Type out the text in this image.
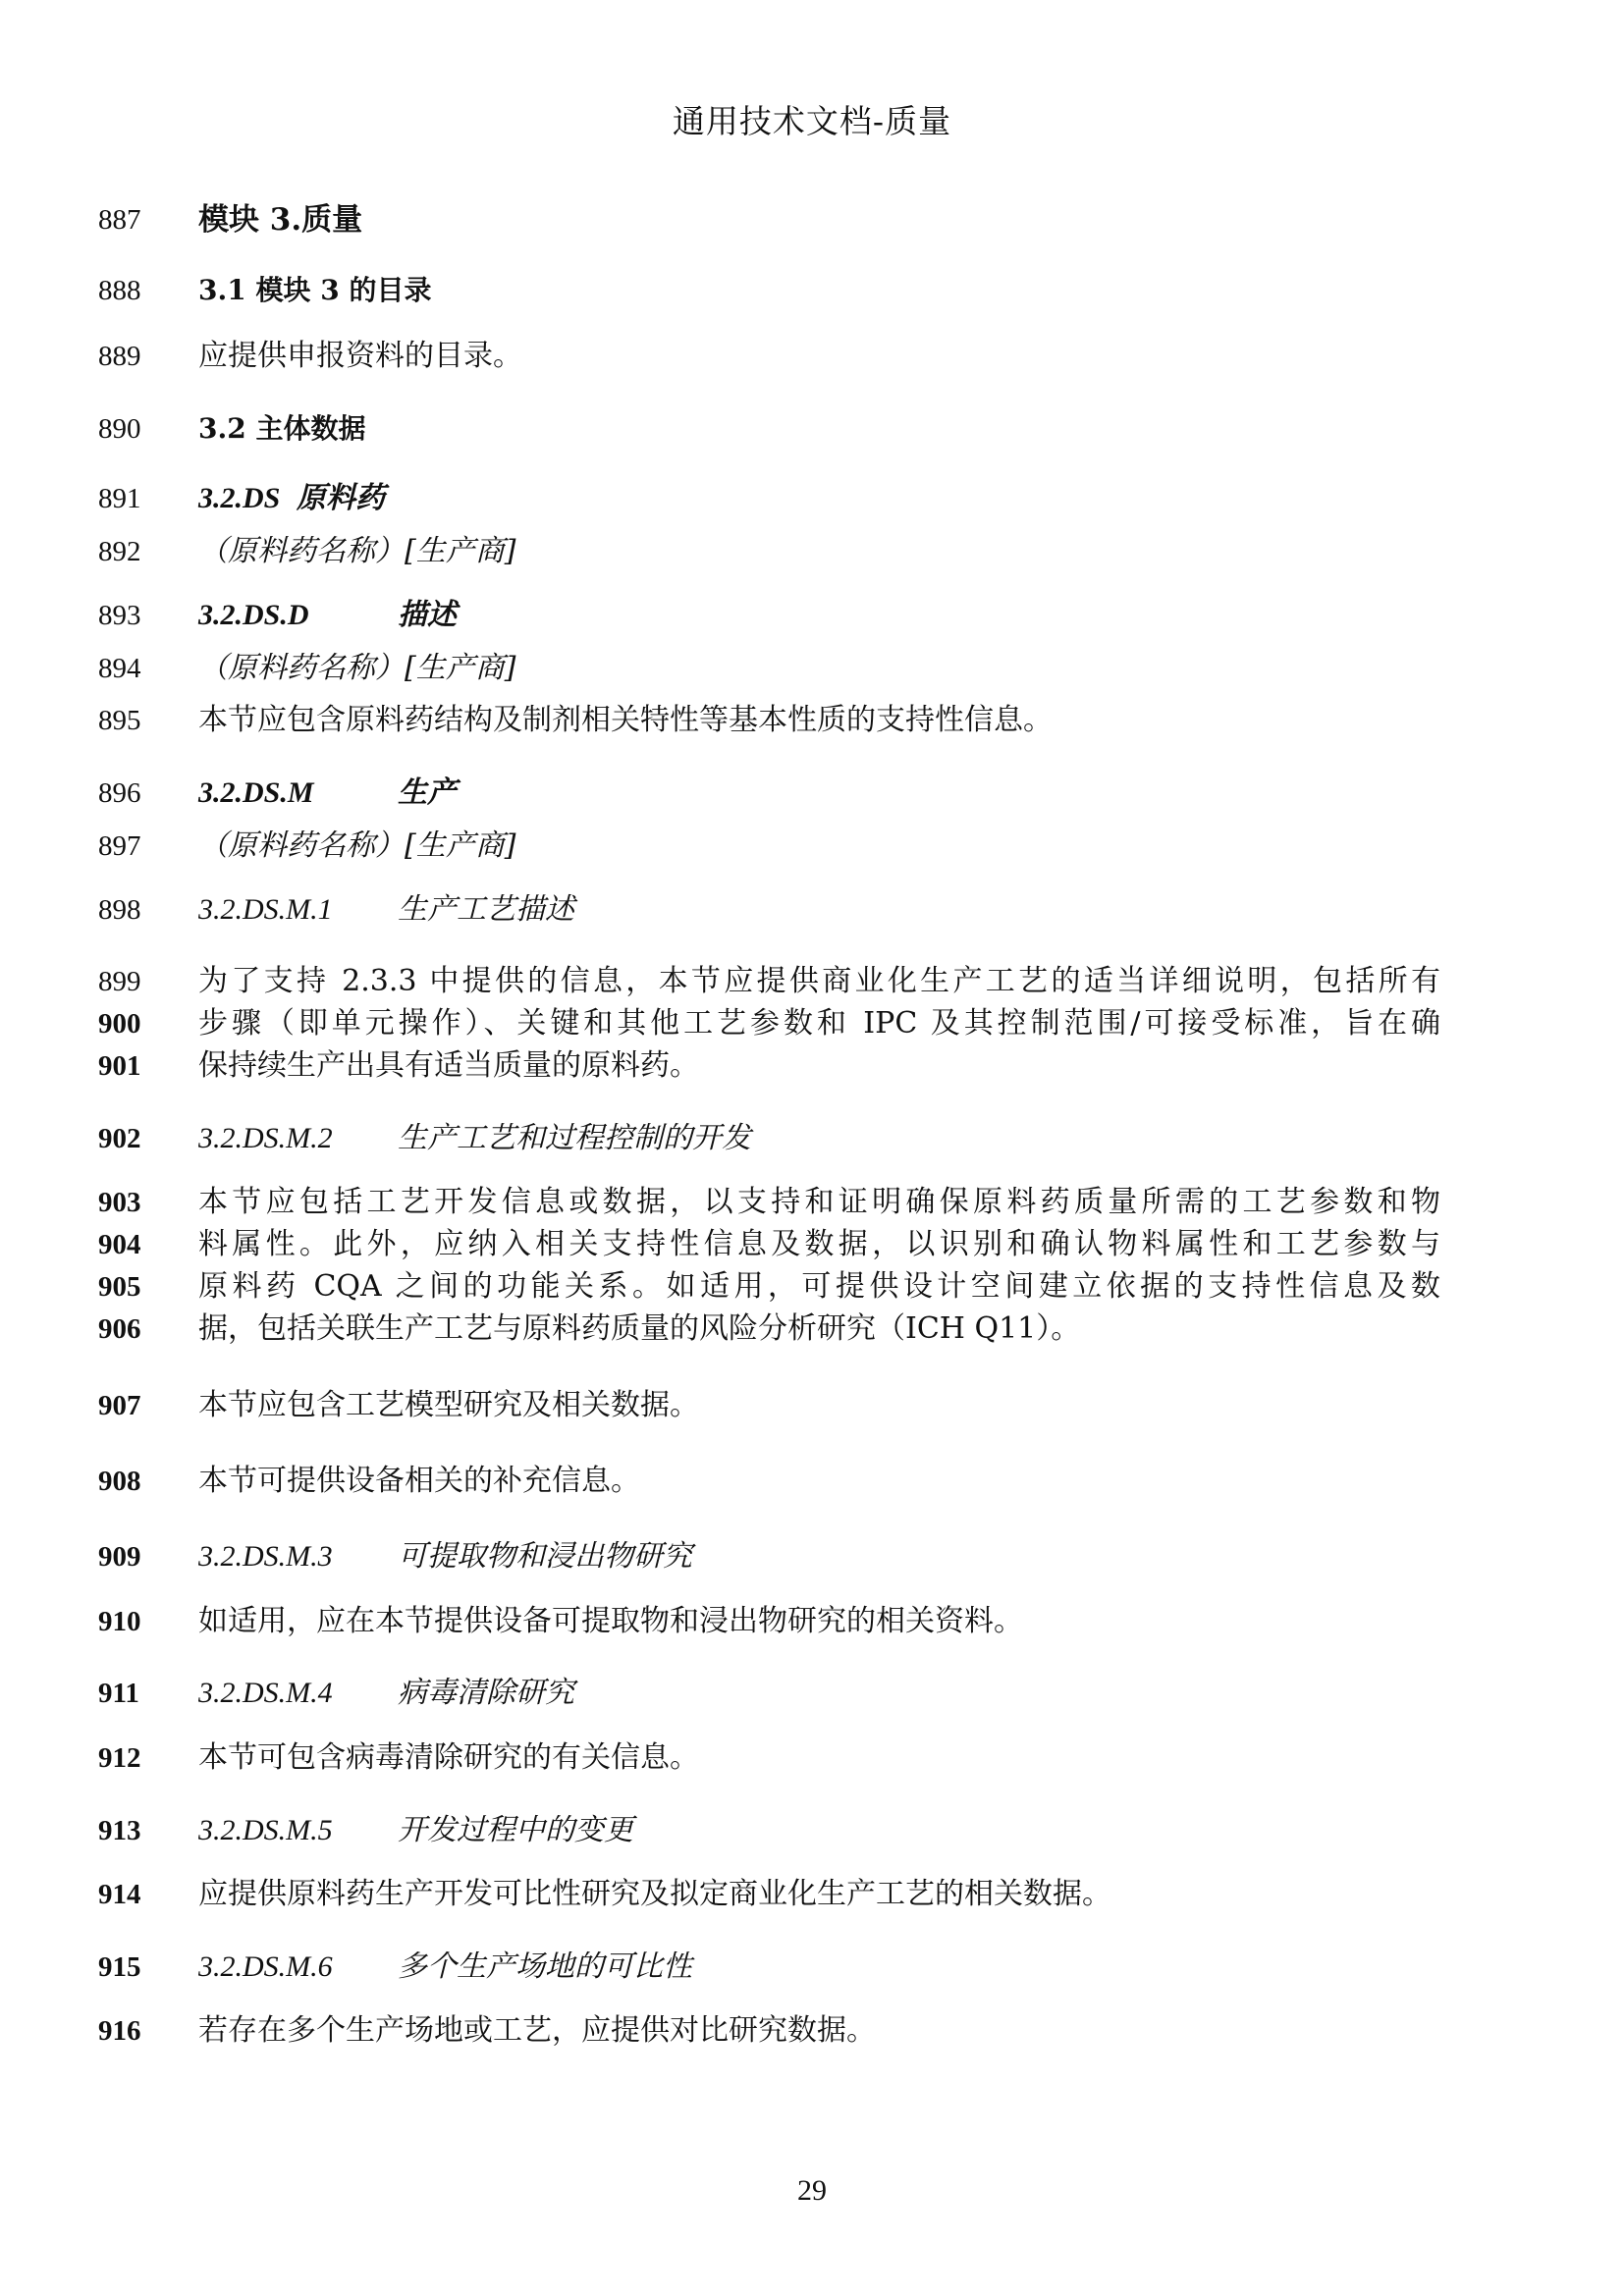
通用技术文档-质量
887	模块 3.质量
888	3.1 模块 3 的目录
889	应提供申报资料的目录。
890	3.2 主体数据
891	3.2.DS 原料药
892	（原料药名称）[生产商]
893	3.2.DS.D	描述
894	（原料药名称）[生产商]
895	本节应包含原料药结构及制剂相关特性等基本性质的支持性信息。
896	3.2.DS.M	生产
897	（原料药名称）[生产商]
898	3.2.DS.M.1 生产工艺描述
899	为了支持 2.3.3 中提供的信息，本节应提供商业化生产工艺的适当详细说明，包括所有
900	步骤（即单元操作）、关键和其他工艺参数和 IPC 及其控制范围/可接受标准，旨在确
901	保持续生产出具有适当质量的原料药。
902	3.2.DS.M.2 生产工艺和过程控制的开发
903	本节应包括工艺开发信息或数据，以支持和证明确保原料药质量所需的工艺参数和物
904	料属性。此外，应纳入相关支持性信息及数据，以识别和确认物料属性和工艺参数与
905	原料药 CQA 之间的功能关系。如适用，可提供设计空间建立依据的支持性信息及数
906	据，包括关联生产工艺与原料药质量的风险分析研究（ICH Q11）。
907	本节应包含工艺模型研究及相关数据。
908	本节可提供设备相关的补充信息。
909	3.2.DS.M.3 可提取物和浸出物研究
910	如适用，应在本节提供设备可提取物和浸出物研究的相关资料。
911	3.2.DS.M.4 病毒清除研究
912	本节可包含病毒清除研究的有关信息。
913	3.2.DS.M.5 开发过程中的变更
914	应提供原料药生产开发可比性研究及拟定商业化生产工艺的相关数据。
915	3.2.DS.M.6 多个生产场地的可比性
916	若存在多个生产场地或工艺，应提供对比研究数据。
29
